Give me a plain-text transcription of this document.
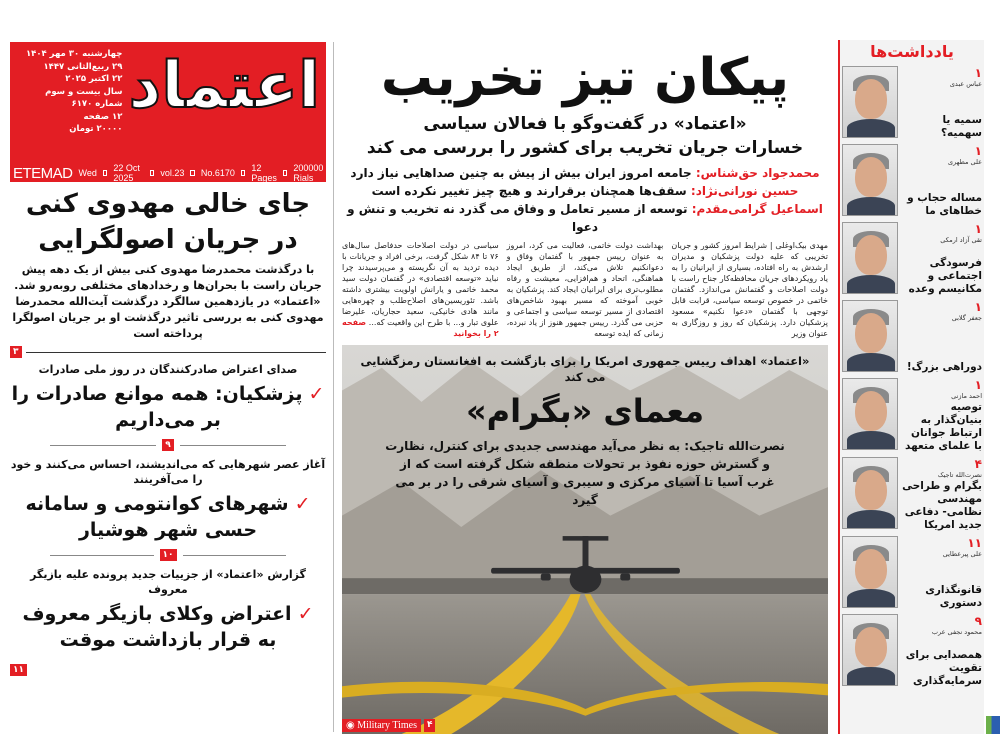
اعتماد
چهارشنبه ۳۰ مهر ۱۴۰۴
۲۹ ربیع‌الثانی ۱۴۴۷
۲۲ اکتبر ۲۰۲۵
سال بیست و سوم
شماره ۶۱۷۰
۱۲ صفحه
۲۰۰۰۰ تومان
ETEMAD Wed 22 Oct 2025	vol.23 No.6170 12 Pages
200000 Rials
جای خالی مهدوی کنی
در جریان اصولگرایی
با درگذشت محمدرضا مهدوی کنی بیش از یک دهه پیش جریان راست با بحران‌ها و رخدادهای مختلفی روبه‌رو شد. «اعتماد» در یازدهمین سالگرد درگذشت آیت‌الله محمدرضا مهدوی کنی به بررسی تاثیر درگذشت او بر جریان اصولگرا پرداخته است
۳
صدای اعتراض صادرکنندگان در روز ملی صادرات
✓پزشکیان: همه موانع صادرات را بر می‌داریم
۹
آغاز عصر شهرهایی که می‌اندیشند، احساس می‌کنند و خود را می‌آفرینند
✓شهرهای کوانتومی و سامانه حسی شهر هوشیار
۱۰
گزارش «اعتماد» از جزییات جدید پرونده علیه بازیگر معروف
✓اعتراض وکلای بازیگر معروف به قرار بازداشت موقت
۱۱
پیکان تیز تخریب
«اعتماد» در گفت‌وگو با فعالان سیاسی
خسارات جریان تخریب برای کشور را بررسی می کند
محمدجواد حق‌شناس: جامعه امروز ایران بیش از پیش به چنین صداهایی نیاز دارد
حسین نورانی‌نژاد: سقف‌ها همچنان برقرارند و هیچ چیز تغییر نکرده است
اسماعیل گرامی‌مقدم: توسعه از مسیر تعامل و وفاق می گذرد نه تخریب و تنش و دعوا
مهدی بیک‌اوغلی | شرایط امروز کشور و جریان تخریبی که علیه دولت پزشکیان و مدیران ارشدش به راه افتاده، بسیاری از ایرانیان را به یاد رویکردهای جریان محافظه‌کار جناح راست با دولت اصلاحات و گفتمانش می‌اندازد. گفتمان خاتمی در خصوص توسعه سیاسی، قرابت قابل توجهی با گفتمان «دعوا نکنیم» مسعود پزشکیان دارد. پزشکیان که روز و روزگاری به عنوان وزیر
بهداشت دولت خاتمی، فعالیت می کرد، امروز به عنوان رییس جمهور با گفتمان وفاق و دعوانکنیم تلاش می‌کند، از طریق ایجاد هماهنگی، اتحاد و هم‌افزایی، معیشت و رفاه مطلوب‌تری برای ایرانیان ایجاد کند. پزشکیان به خوبی آموخته که مسیر بهبود شاخص‌های اقتصادی از مسیر توسعه سیاسی و اجتماعی و حزبی می گذرد. رییس جمهور هنوز از یاد نبرده، زمانی که ایده توسعه
سیاسی در دولت اصلاحات حدفاصل سال‌های ۷۶ تا ۸۴ شکل گرفت، برخی افراد و جریانات با دیده تردید به آن نگریسته و می‌پرسیدند چرا نباید «توسعه اقتصادی» در گفتمان دولت سید محمد خاتمی و یارانش اولویت بیشتری داشته باشد. تئوریسین‌های اصلاح‌طلب و چهره‌هایی مانند هادی خانیکی، سعید حجاریان، علیرضا علوی تبار و... با طرح این واقعیت که... صفحه ۲ را بخوانید
«اعتماد» اهداف رییس جمهوری امریکا را برای بازگشت به افغانستان رمزگشایی می کند
معمای «بگرام»
نصرت‌الله تاجیک: به نظر می‌آید مهندسی جدیدی برای کنترل، نظارت و گسترش حوزه نفوذ بر تحولات منطقه شکل گرفته است که از غرب آسیا تا آسیای مرکزی و سیبری و آسیای شرقی را در بر می گیرد
◉ Military Times	۴
یادداشت‌ها
۱
عباس عبدی
سمیه یا سهمیه؟
۱
علی مطهری
مساله حجاب و خطاهای ما
۱
تقی آزاد ارمکی
فرسودگی اجتماعی و مکانیسم وعده
۱
جعفر گلابی
دوراهی بزرگ!
۱
احمد مازنی
توصیه بنیان‌گذار به ارتباط جوانان با علمای متعهد
۴
نصرت‌الله تاجیک
بگرام و طراحی مهندسی نظامی- دفاعی جدید امریکا
۱۱
علی پیرعطایی
قانونگذاری دستوری
۹
محمود نجفی عرب
همصدایی برای تقویت سرمایه‌گذاری
